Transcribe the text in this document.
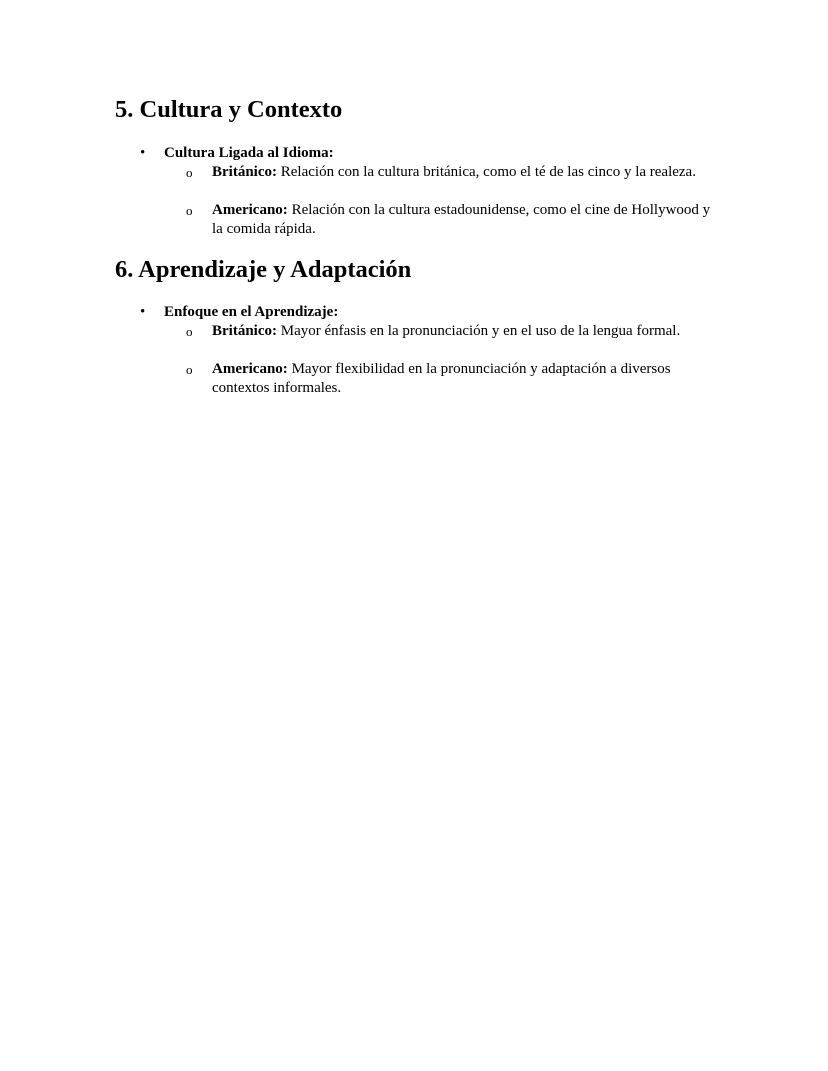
5. Cultura y Contexto
• Cultura Ligada al Idioma:
o Británico: Relación con la cultura británica, como el té de las cinco y la realeza.
o Americano: Relación con la cultura estadounidense, como el cine de Hollywood y la comida rápida.
6. Aprendizaje y Adaptación
• Enfoque en el Aprendizaje:
o Británico: Mayor énfasis en la pronunciación y en el uso de la lengua formal.
o Americano: Mayor flexibilidad en la pronunciación y adaptación a diversos contextos informales.
